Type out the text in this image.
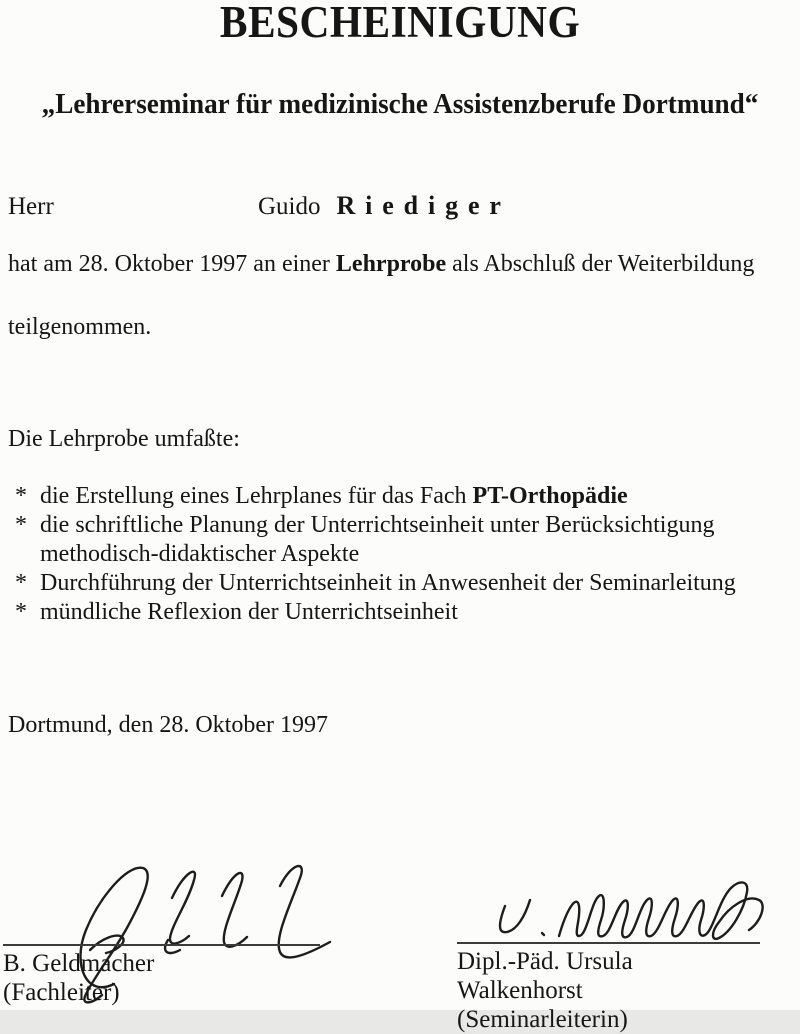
BESCHEINIGUNG
„Lehrerseminar für medizinische Assistenzberufe Dortmund“
Herr	Guido Riediger
hat am 28. Oktober 1997 an einer Lehrprobe als Abschluß der Weiterbildung
teilgenommen.
Die Lehrprobe umfaßte:
* die Erstellung eines Lehrplanes für das Fach PT-Orthopädie
* die schriftliche Planung der Unterrichtseinheit unter Berücksichtigung
methodisch-didaktischer Aspekte
* Durchführung der Unterrichtseinheit in Anwesenheit der Seminarleitung
* mündliche Reflexion der Unterrichtseinheit
Dortmund, den 28. Oktober 1997
B. Geldmacher
(Fachleiter)
Dipl.-Päd. Ursula Walkenhorst
(Seminarleiterin)
